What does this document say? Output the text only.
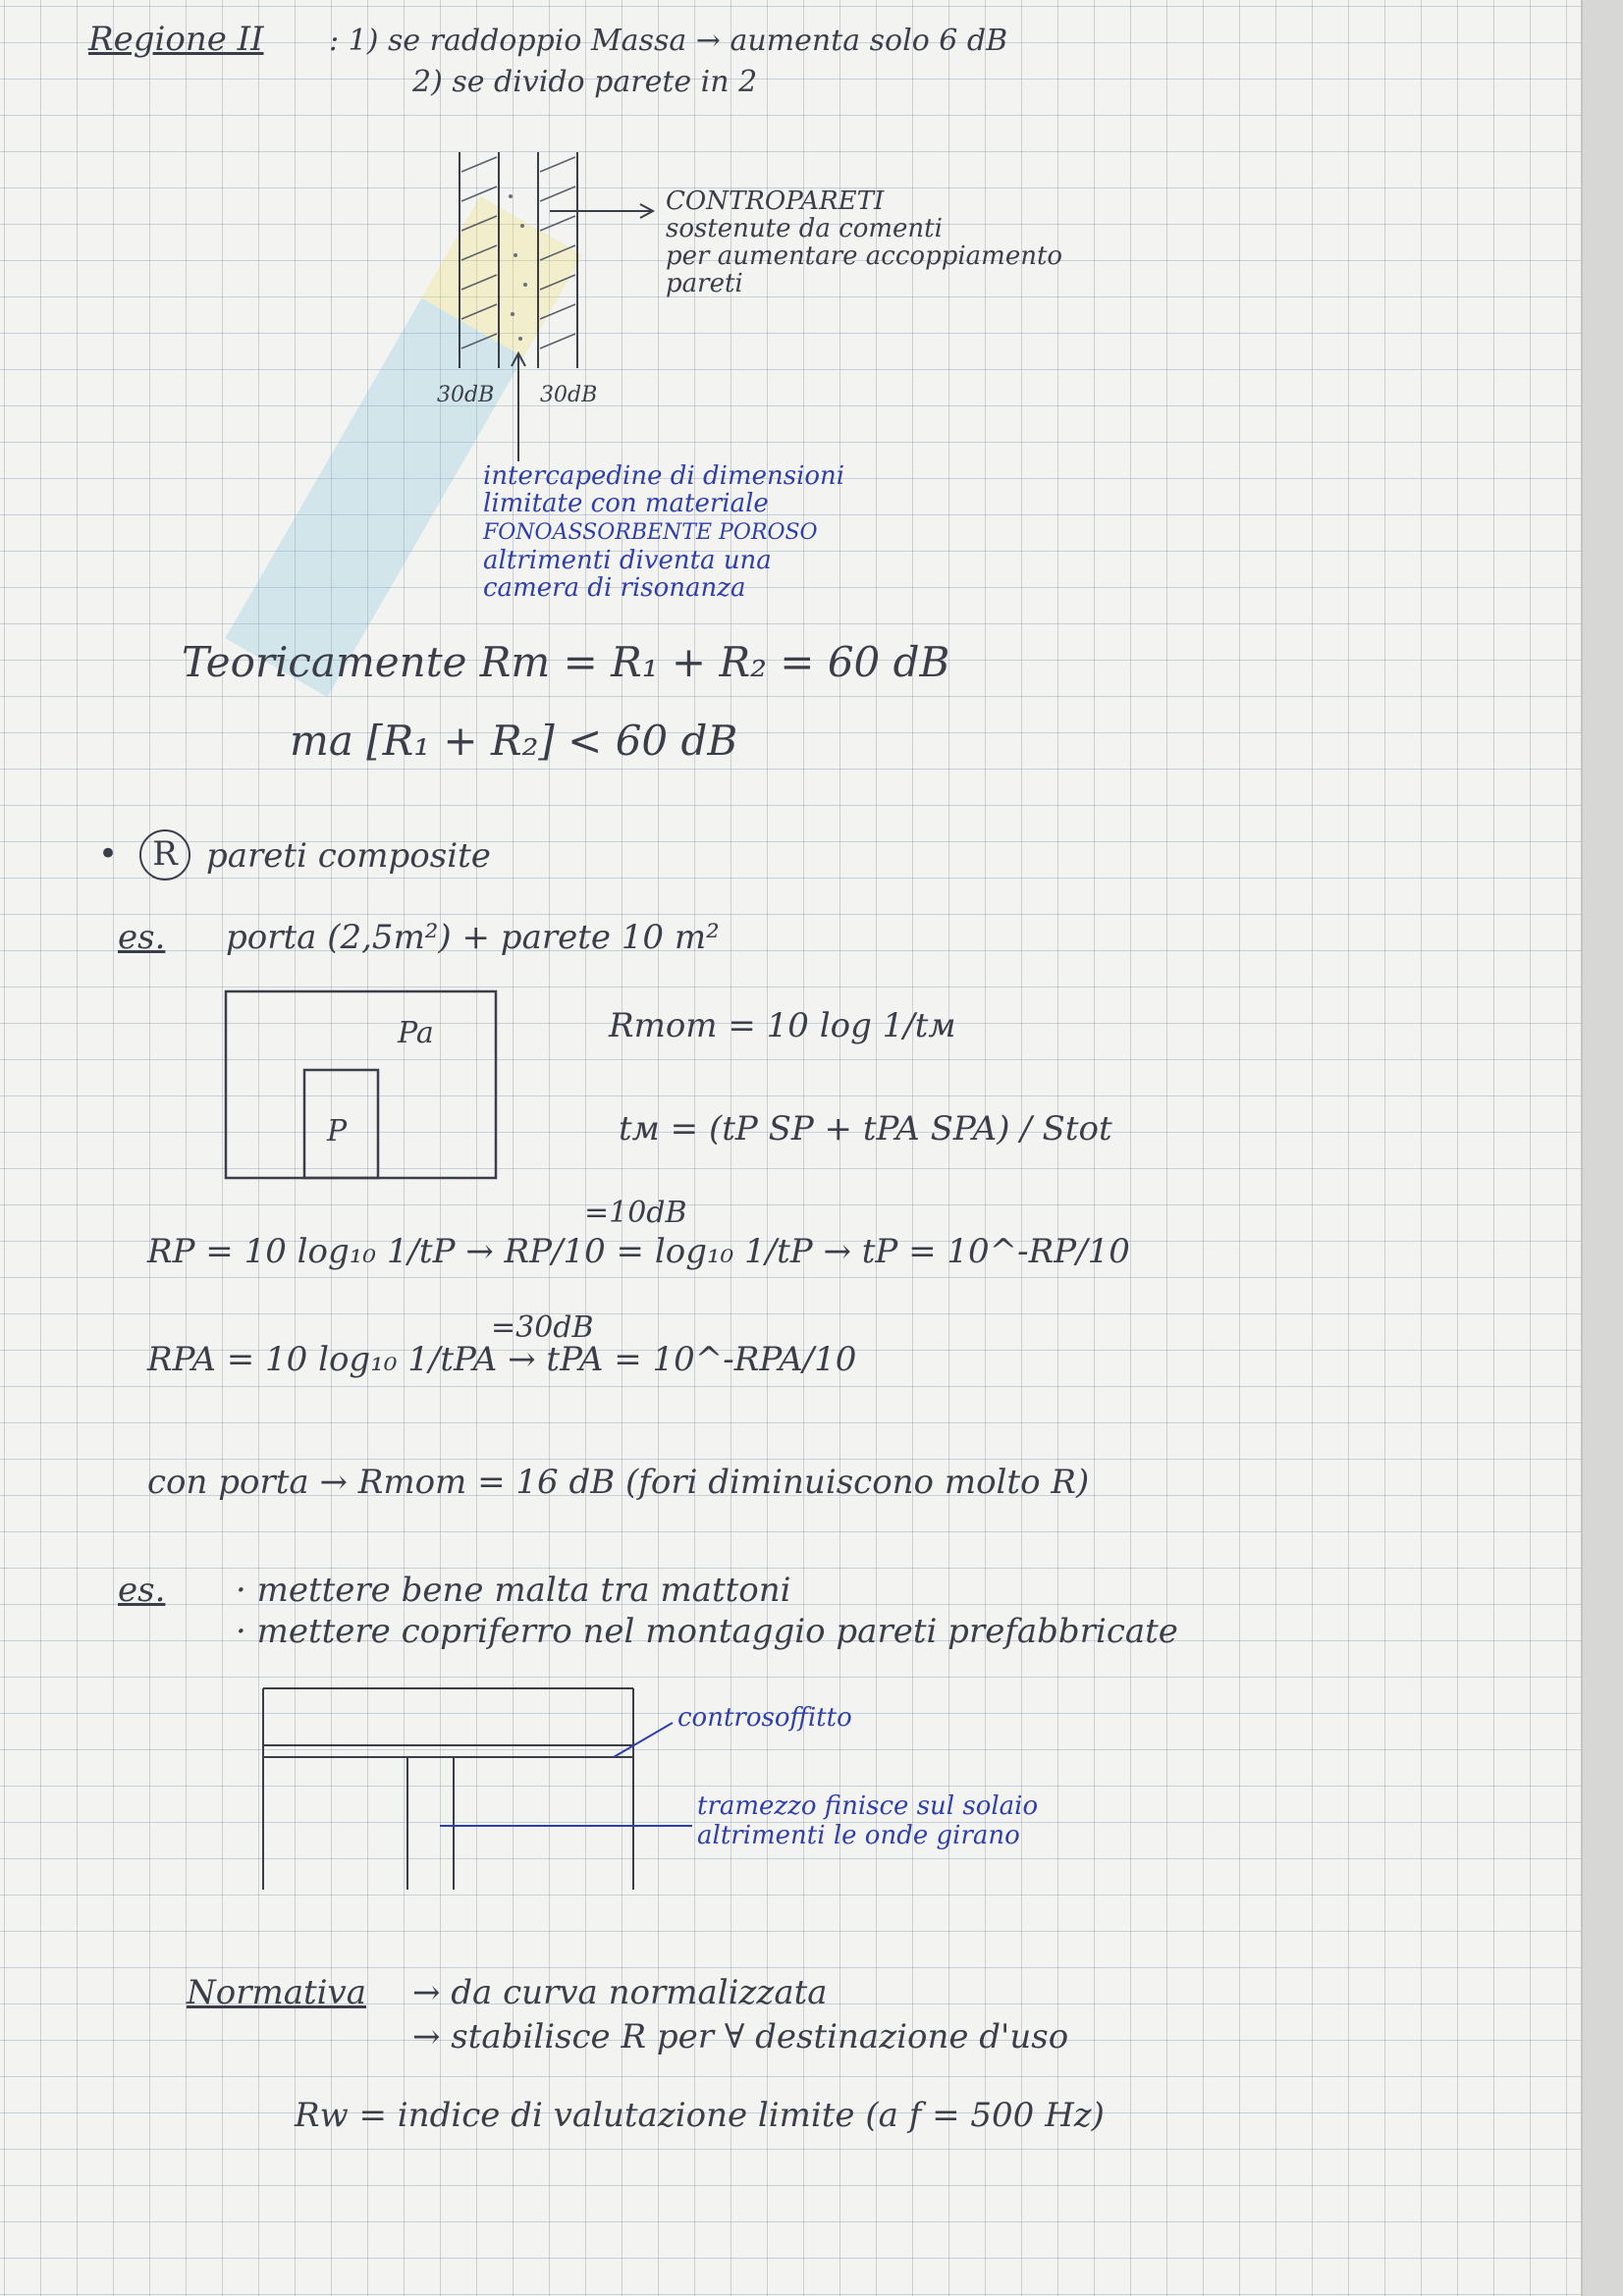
Regione II : 1) se raddoppio Massa → aumenta solo 6 dB
2) se divido parete in 2
CONTROPARETI
sostenute da comenti
per aumentare accoppiamento
pareti
30dB 30dB
intercapedine di dimensioni
limitate con materiale
FONOASSORBENTE POROSO
altrimenti diventa una
camera di risonanza
Teoricamente Rт = R₁ + R₂ = 60 dB
ma [R₁ + R₂] < 60 dB
•	R pareti composite
es. porta (2,5m²) + parete 10 m²
Pa
P
Rтот = 10 log 1/tм
tм = (tP SP + tPA SPA) / Stot
=10dB
RP = 10 log₁₀ 1/tP → RP/10 = log₁₀ 1/tP → tP = 10^-RP/10
=30dB
RPA = 10 log₁₀ 1/tPA → tPA = 10^-RPA/10
con porta → Rтот = 16 dB (fori diminuiscono molto R)
es. · mettere bene malta tra mattoni
· mettere copriferro nel montaggio pareti prefabbricate
controsoffitto
tramezzo finisce sul solaio
altrimenti le onde girano
Normativa → da curva normalizzata
→ stabilisce R per ∀ destinazione d'uso
Rw = indice di valutazione limite (a f = 500 Hz)
